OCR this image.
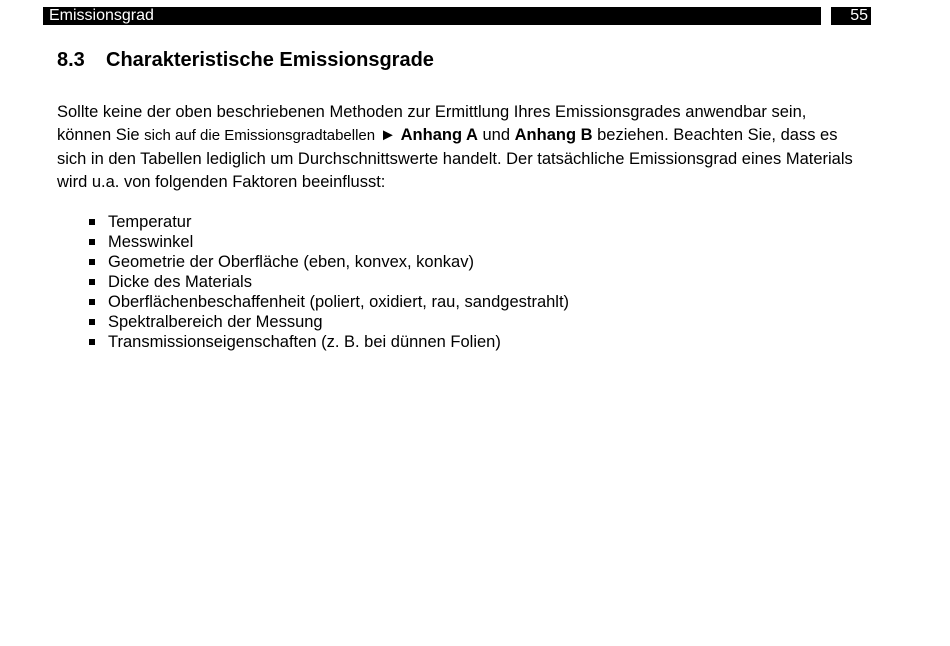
Emissionsgrad	55
8.3 Charakteristische Emissionsgrade

Sollte keine der oben beschriebenen Methoden zur Ermittlung Ihres Emissionsgrades anwendbar sein, können Sie sich auf die Emissionsgradtabellen ► Anhang A und Anhang B beziehen. Beachten Sie, dass es sich in den Tabellen lediglich um Durchschnittswerte handelt. Der tatsächliche Emissionsgrad eines Materials wird u.a. von folgenden Faktoren beeinflusst:

Temperatur
Messwinkel
Geometrie der Oberfläche (eben, konvex, konkav)
Dicke des Materials
Oberflächenbeschaffenheit (poliert, oxidiert, rau, sandgestrahlt)
Spektralbereich der Messung
Transmissionseigenschaften (z. B. bei dünnen Folien)
